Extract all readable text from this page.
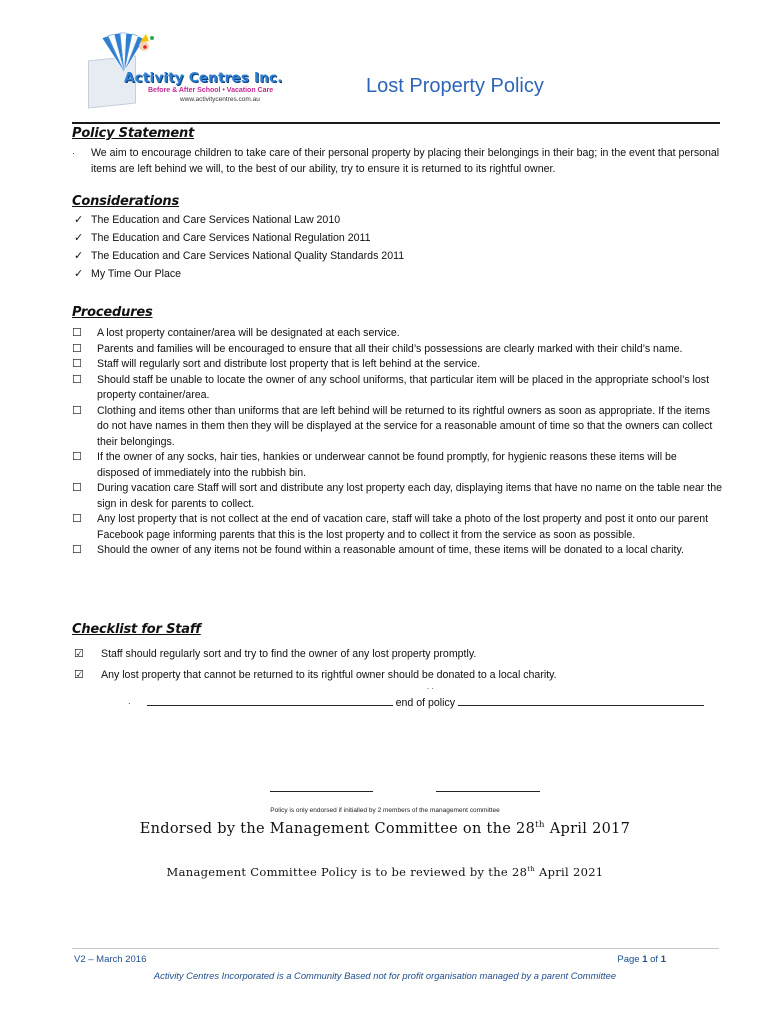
Activity Centres Inc.
Before & After School • Vacation Care
www.activitycentres.com.au
Lost Property Policy
Policy Statement
· We aim to encourage children to take care of their personal property by placing their belongings in their bag; in the event that personal items are left behind we will, to the best of our ability, try to ensure it is returned to its rightful owner.
Considerations
✓ The Education and Care Services National Law 2010
✓ The Education and Care Services National Regulation 2011
✓ The Education and Care Services National Quality Standards 2011
✓ My Time Our Place
Procedures
☐	A lost property container/area will be designated at each service.
☐	Parents and families will be encouraged to ensure that all their child’s possessions are clearly marked with their child’s name.
☐	Staff will regularly sort and distribute lost property that is left behind at the service.
☐	Should staff be unable to locate the owner of any school uniforms, that particular item will be placed in the appropriate school’s lost property container/area.
☐	Clothing and items other than uniforms that are left behind will be returned to its rightful owners as soon as appropriate. If the items do not have names in them then they will be displayed at the service for a reasonable amount of time so that the owners can collect their belongings.
☐	If the owner of any socks, hair ties, hankies or underwear cannot be found promptly, for hygienic reasons these items will be disposed of immediately into the rubbish bin.
☐	During vacation care Staff will sort and distribute any lost property each day, displaying items that have no name on the table near the sign in desk for parents to collect.
☐	Any lost property that is not collect at the end of vacation care, staff will take a photo of the lost property and post it onto our parent Facebook page informing parents that this is the lost property and to collect it from the service as soon as possible.
☐	Should the owner of any items not be found within a reasonable amount of time, these items will be donated to a local charity.
Checklist for Staff
☑	Staff should regularly sort and try to find the owner of any lost property promptly.
☑	Any lost property that cannot be returned to its rightful owner should be donated to a local charity.
. .
·	end of policy
Policy is only endorsed if initialled by 2 members of the management committee
Endorsed by the Management Committee on the 28th April 2017
Management Committee Policy is to be reviewed by the 28th April 2021
V2 – March 2016	Page 1 of 1
Activity Centres Incorporated is a Community Based not for profit organisation managed by a parent Committee
